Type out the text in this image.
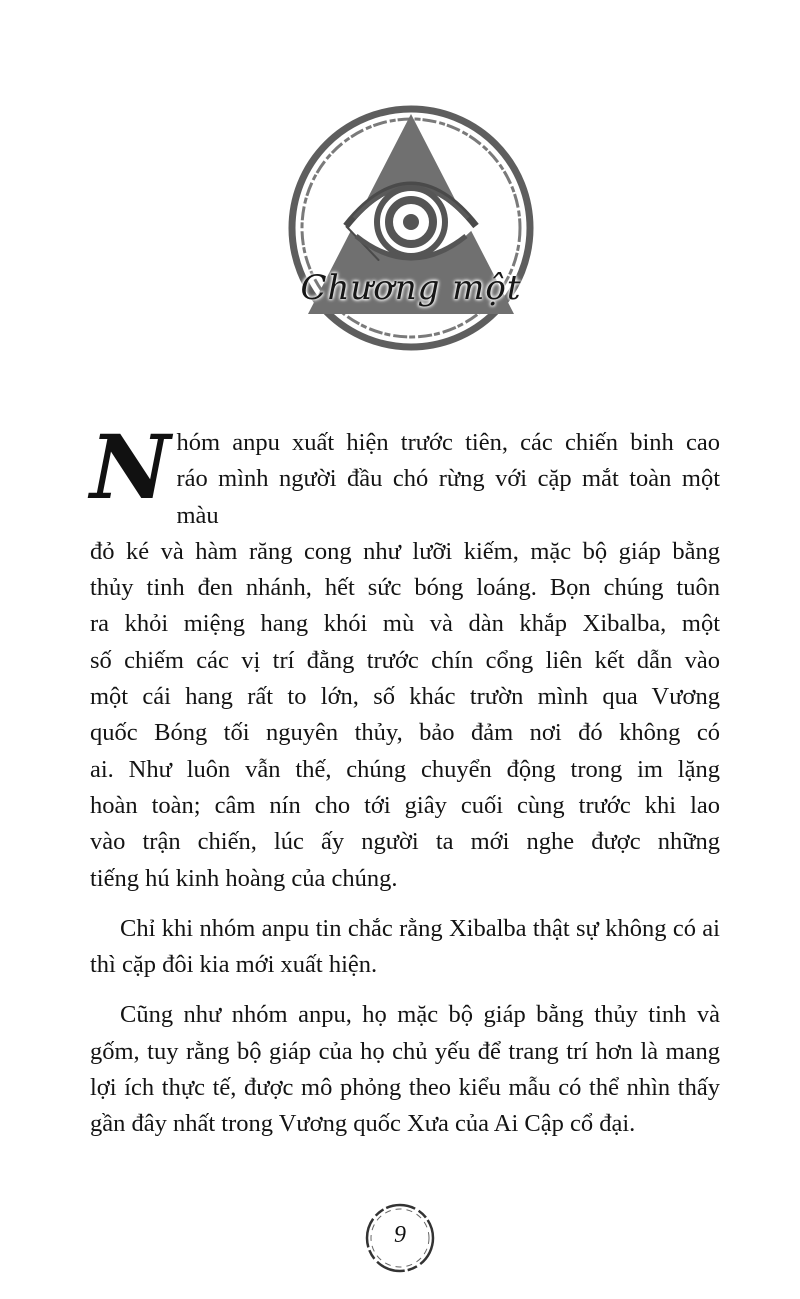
Chương một

N hóm anpu xuất hiện trước tiên, các chiến binh cao
ráo mình người đầu chó rừng với cặp mắt toàn một màu
đỏ ké và hàm răng cong như lưỡi kiếm, mặc bộ giáp bằng
thủy tinh đen nhánh, hết sức bóng loáng. Bọn chúng tuôn
ra khỏi miệng hang khói mù và dàn khắp Xibalba, một
số chiếm các vị trí đằng trước chín cổng liên kết dẫn vào
một cái hang rất to lớn, số khác trườn mình qua Vương
quốc Bóng tối nguyên thủy, bảo đảm nơi đó không có
ai. Như luôn vẫn thế, chúng chuyển động trong im lặng
hoàn toàn; câm nín cho tới giây cuối cùng trước khi lao
vào trận chiến, lúc ấy người ta mới nghe được những
tiếng hú kinh hoàng của chúng.

Chỉ khi nhóm anpu tin chắc rằng Xibalba thật sự không có ai thì cặp đôi kia mới xuất hiện.

Cũng như nhóm anpu, họ mặc bộ giáp bằng thủy tinh và gốm, tuy rằng bộ giáp của họ chủ yếu để trang trí hơn là mang lợi ích thực tế, được mô phỏng theo kiểu mẫu có thể nhìn thấy gần đây nhất trong Vương quốc Xưa của Ai Cập cổ đại.

9
